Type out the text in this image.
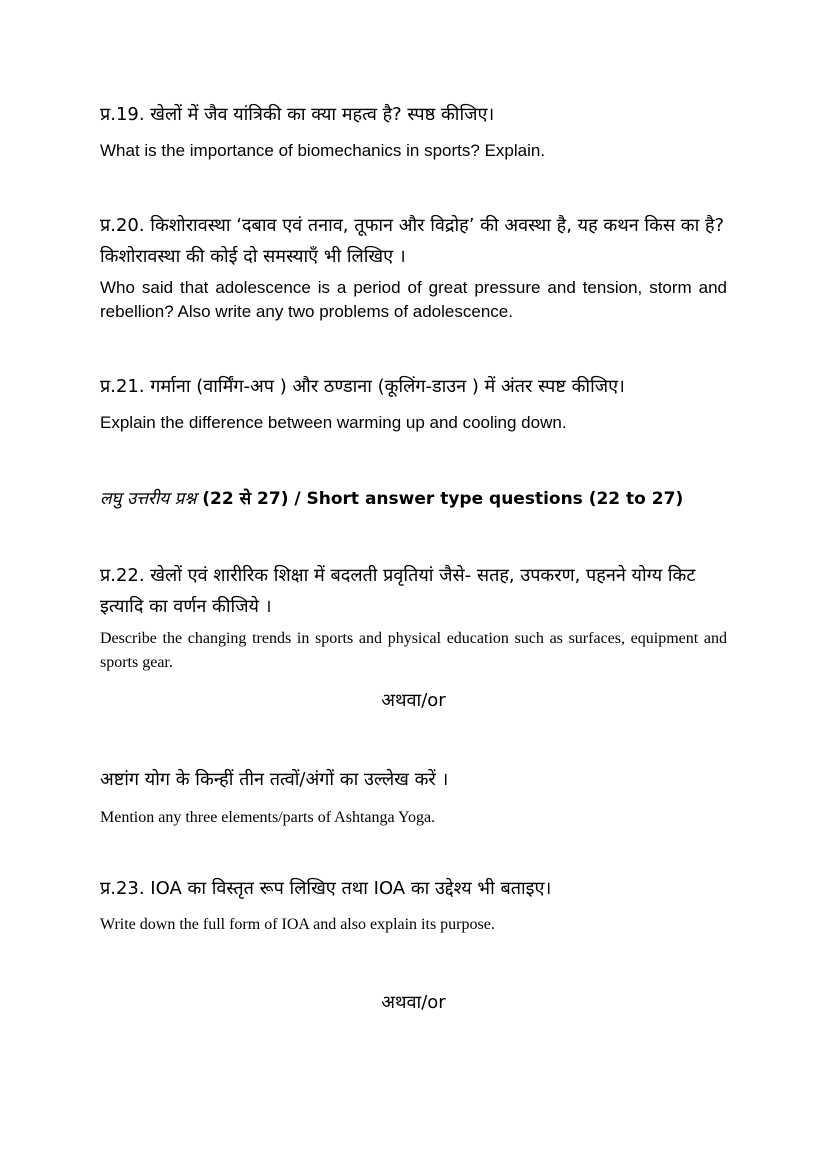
प्र.19. खेलों में जैव यांत्रिकी का क्या महत्व है? स्पष्ठ कीजिए।
What is the importance of biomechanics in sports? Explain.
प्र.20. किशोरावस्था ‘दबाव एवं तनाव, तूफान और विद्रोह’ की अवस्था है, यह कथन किस का है? किशोरावस्था की कोई दो समस्याएँ भी लिखिए ।
Who said that adolescence is a period of great pressure and tension, storm and rebellion? Also write any two problems of adolescence.
प्र.21. गर्माना (वार्मिंग-अप ) और ठण्डाना (कूलिंग-डाउन ) में अंतर स्पष्ट कीजिए।
Explain the difference between warming up and cooling down.
लघु उत्तरीय प्रश्न (22 से 27) / Short answer type questions (22 to 27)
प्र.22. खेलों एवं शारीरिक शिक्षा में बदलती प्रवृतियां जैसे- सतह, उपकरण, पहनने योग्य किट इत्यादि का वर्णन कीजिये ।
Describe the changing trends in sports and physical education such as surfaces, equipment and sports gear.
अथवा/or
अष्टांग योग के किन्हीं तीन तत्वों/अंगों का उल्लेख करें ।
Mention any three elements/parts of Ashtanga Yoga.
प्र.23. IOA का विस्तृत रूप लिखिए तथा IOA का उद्देश्य भी बताइए।
Write down the full form of IOA and also explain its purpose.
अथवा/or
